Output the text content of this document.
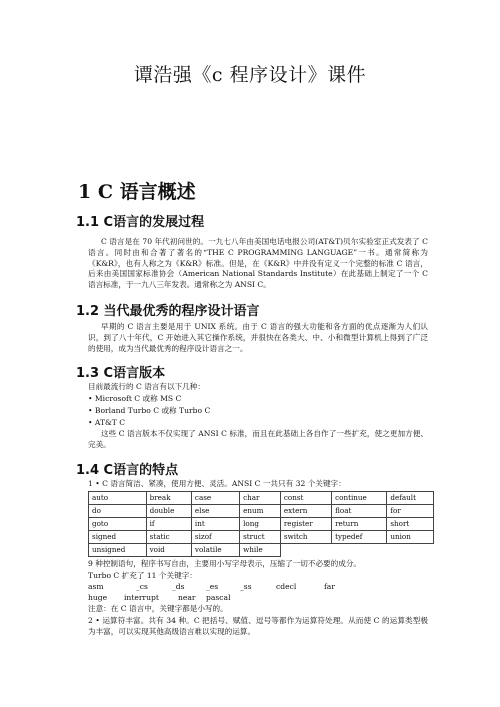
谭浩强《c 程序设计》课件
1 C 语言概述
1.1 C语言的发展过程
C 语言是在 70 年代初问世的。一九七八年由美国电话电报公司(AT&T)贝尔实验室正式发表了 C 语言。同时由和合著了著名的“THE C PROGRAMMING LANGUAGE”一书。通常简称为《K&R》，也有人称之为《K&R》标准。但是，在《K&R》中并没有定义一个完整的标准 C 语言，后来由美国国家标准协会（American National Standards Institute）在此基础上制定了一个 C 语言标准，于一九八三年发表。通常称之为 ANSI C。
1.2 当代最优秀的程序设计语言
早期的 C 语言主要是用于 UNIX 系统。由于 C 语言的强大功能和各方面的优点逐渐为人们认识，到了八十年代，C 开始进入其它操作系统，并很快在各类大、中、小和微型计算机上得到了广泛的使用，成为当代最优秀的程序设计语言之一。
1.3 C语言版本
目前最流行的 C 语言有以下几种：
• Microsoft C 或称 MS C
• Borland Turbo C 或称 Turbo C
• AT&T C
这些 C 语言版本不仅实现了 ANSI C 标准，而且在此基础上各自作了一些扩充，使之更加方便、完美。
1.4 C语言的特点
1 • C 语言简洁、紧凑，使用方便、灵活。ANSI C 一共只有 32 个关键字：
auto	break	case	char	const	continue	default
do	double	else	enum	extern	float	for
goto	if	int	long	register	return	short
signed	static	sizof	struct	switch	typedef	union
unsigned	void	volatile	while			
9 种控制语句，程序书写自由，主要用小写字母表示，压缩了一切不必要的成分。
Turbo C 扩充了 11 个关键字：
asm	_cs	_ds	_es	_ss	cdecl	far
huge interrupt	near pascal
注意：在 C 语言中，关键字都是小写的。
2 • 运算符丰富。共有 34 种。C 把括号、赋值、逗号等都作为运算符处理。从而使 C 的运算类型极为丰富，可以实现其他高级语言难以实现的运算。
